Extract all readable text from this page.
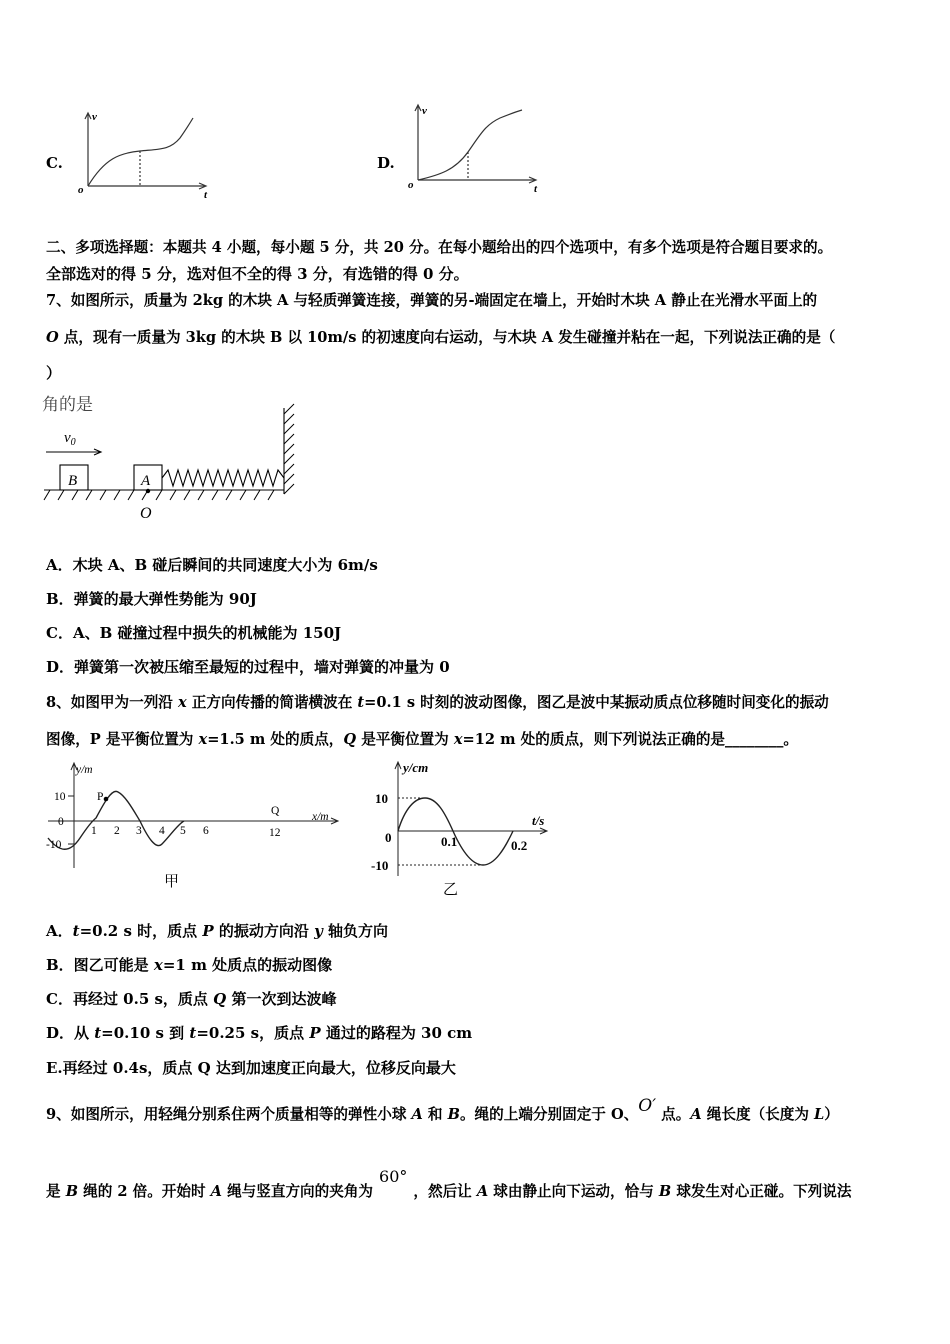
C.
v
t
o
D.
v
t
o
二、多项选择题：本题共 4 小题，每小题 5 分，共 20 分。在每小题给出的四个选项中，有多个选项是符合题目要求的。
全部选对的得 5 分，选对但不全的得 3 分，有选错的得 0 分。
7、如图所示，质量为 2kg 的木块 A 与轻质弹簧连接，弹簧的另-端固定在墙上，开始时木块 A 静止在光滑水平面上的
O 点，现有一质量为 3kg 的木块 B 以 10m/s 的初速度向右运动，与木块 A 发生碰撞并粘在一起，下列说法正确的是（
）
角的是
$v_0$
B	A
O
A．木块 A、B 碰后瞬间的共同速度大小为 6m/s
B．弹簧的最大弹性势能为 90J
C．A、B 碰撞过程中损失的机械能为 150J
D．弹簧第一次被压缩至最短的过程中，墙对弹簧的冲量为 0
8、如图甲为一列沿 x 正方向传播的简谐横波在 t=0.1 s 时刻的波动图像，图乙是波中某振动质点位移随时间变化的振动
图像，P 是平衡位置为 x=1.5 m 处的质点，Q 是平衡位置为 x=12 m 处的质点，则下列说法正确的是________。
y/m
x/m
10
0
-10
1 2 3 4 5 6	12
P
Q
甲
y/cm
t/s
10
0
-10
0.1	0.2
乙
A．t=0.2 s 时，质点 P 的振动方向沿 y 轴负方向
B．图乙可能是 x=1 m 处质点的振动图像
C．再经过 0.5 s，质点 Q 第一次到达波峰
D．从 t=0.10 s 到 t=0.25 s，质点 P 通过的路程为 30 cm
E.再经过 0.4s，质点 Q 达到加速度正向最大，位移反向最大
9、如图所示，用轻绳分别系住两个质量相等的弹性小球 A 和 B。绳的上端分别固定于 O、O′ 点。A 绳长度（长度为 L）
是 B 绳的 2 倍。开始时 A 绳与竖直方向的夹角为60°，然后让 A 球由静止向下运动，恰与 B 球发生对心正碰。下列说法
